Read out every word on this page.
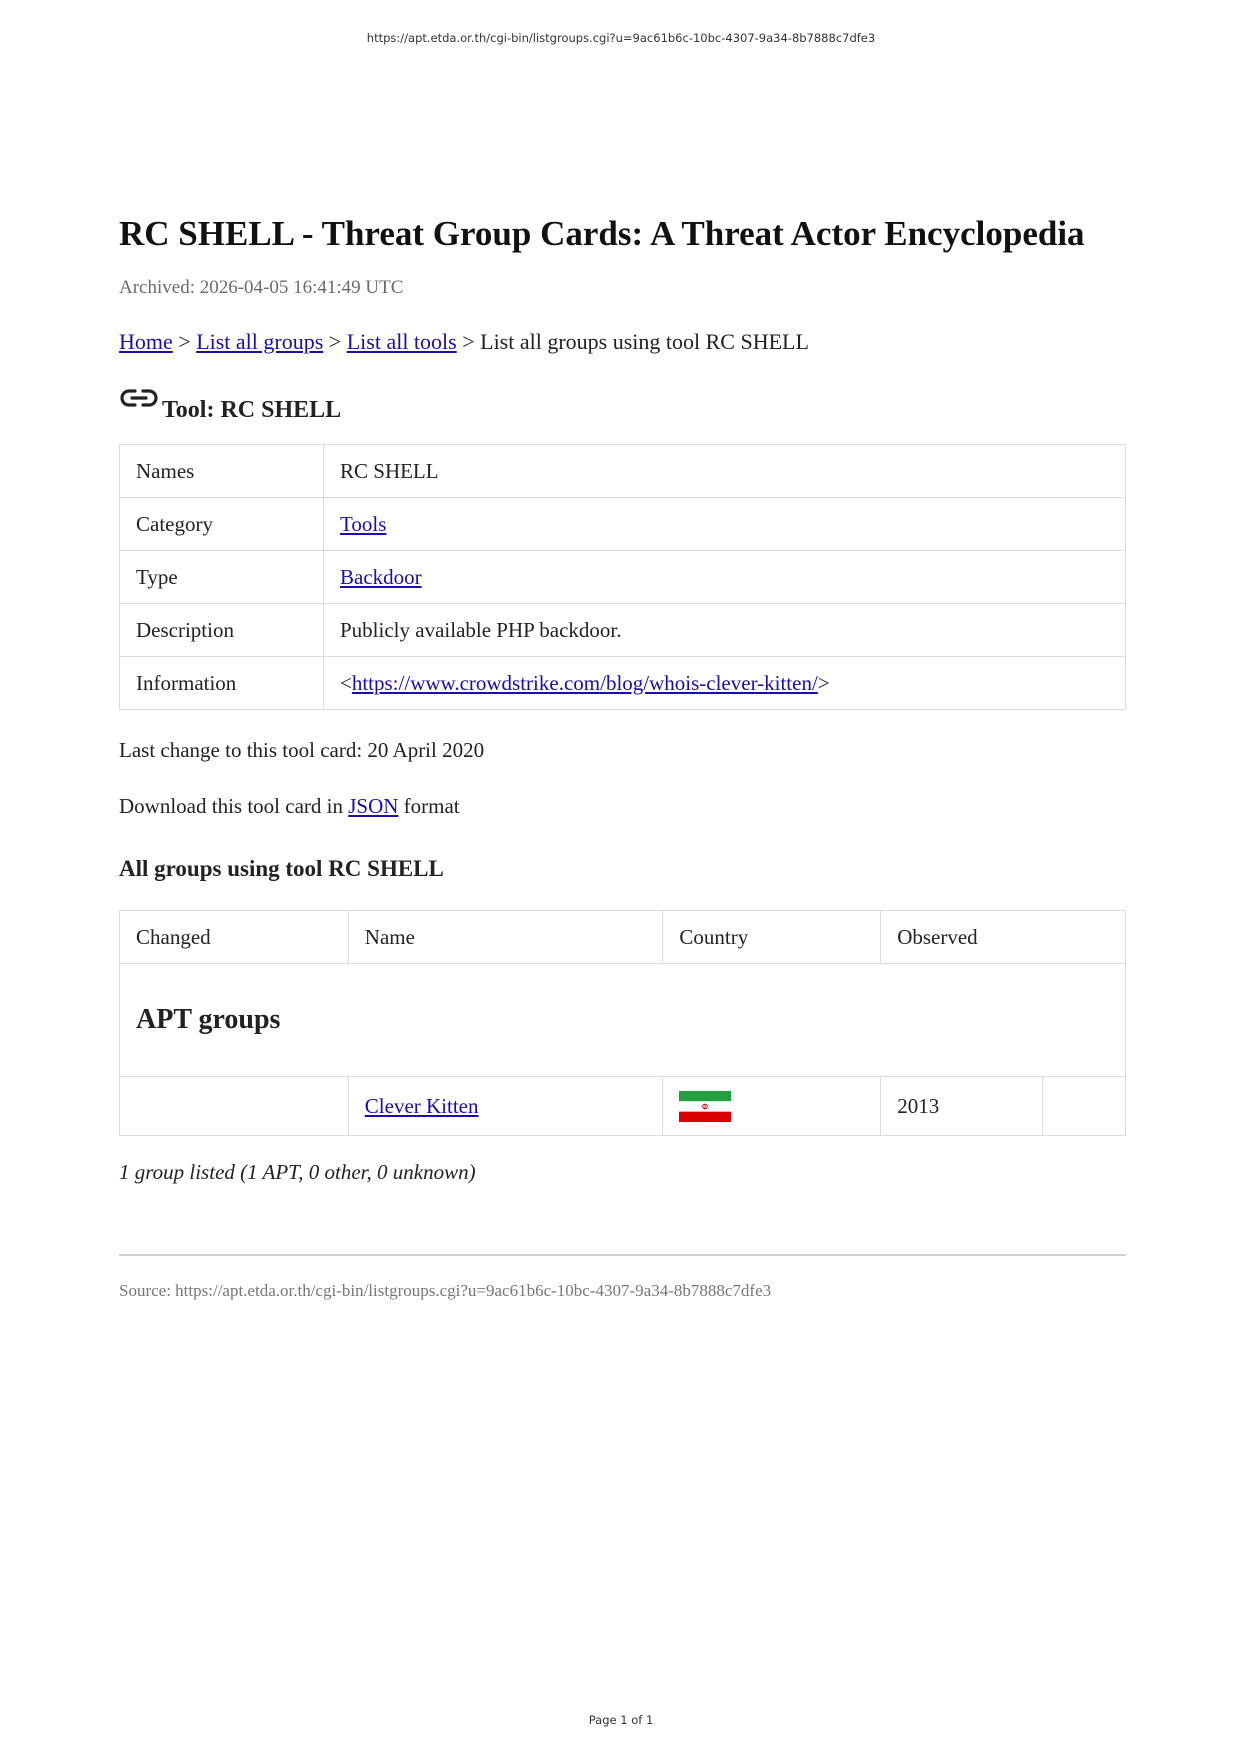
https://apt.etda.or.th/cgi-bin/listgroups.cgi?u=9ac61b6c-10bc-4307-9a34-8b7888c7dfe3
RC SHELL - Threat Group Cards: A Threat Actor Encyclopedia
Archived: 2026-04-05 16:41:49 UTC
Home > List all groups > List all tools > List all groups using tool RC SHELL
Tool: RC SHELL
Names	RC SHELL
Category	Tools
Type	Backdoor
Description	Publicly available PHP backdoor.
Information	<https://www.crowdstrike.com/blog/whois-clever-kitten/>
Last change to this tool card: 20 April 2020
Download this tool card in JSON format
All groups using tool RC SHELL
Changed	Name	Country	Observed	
APT groups				
	Clever Kitten		2013	
1 group listed (1 APT, 0 other, 0 unknown)
Source: https://apt.etda.or.th/cgi-bin/listgroups.cgi?u=9ac61b6c-10bc-4307-9a34-8b7888c7dfe3
Page 1 of 1
